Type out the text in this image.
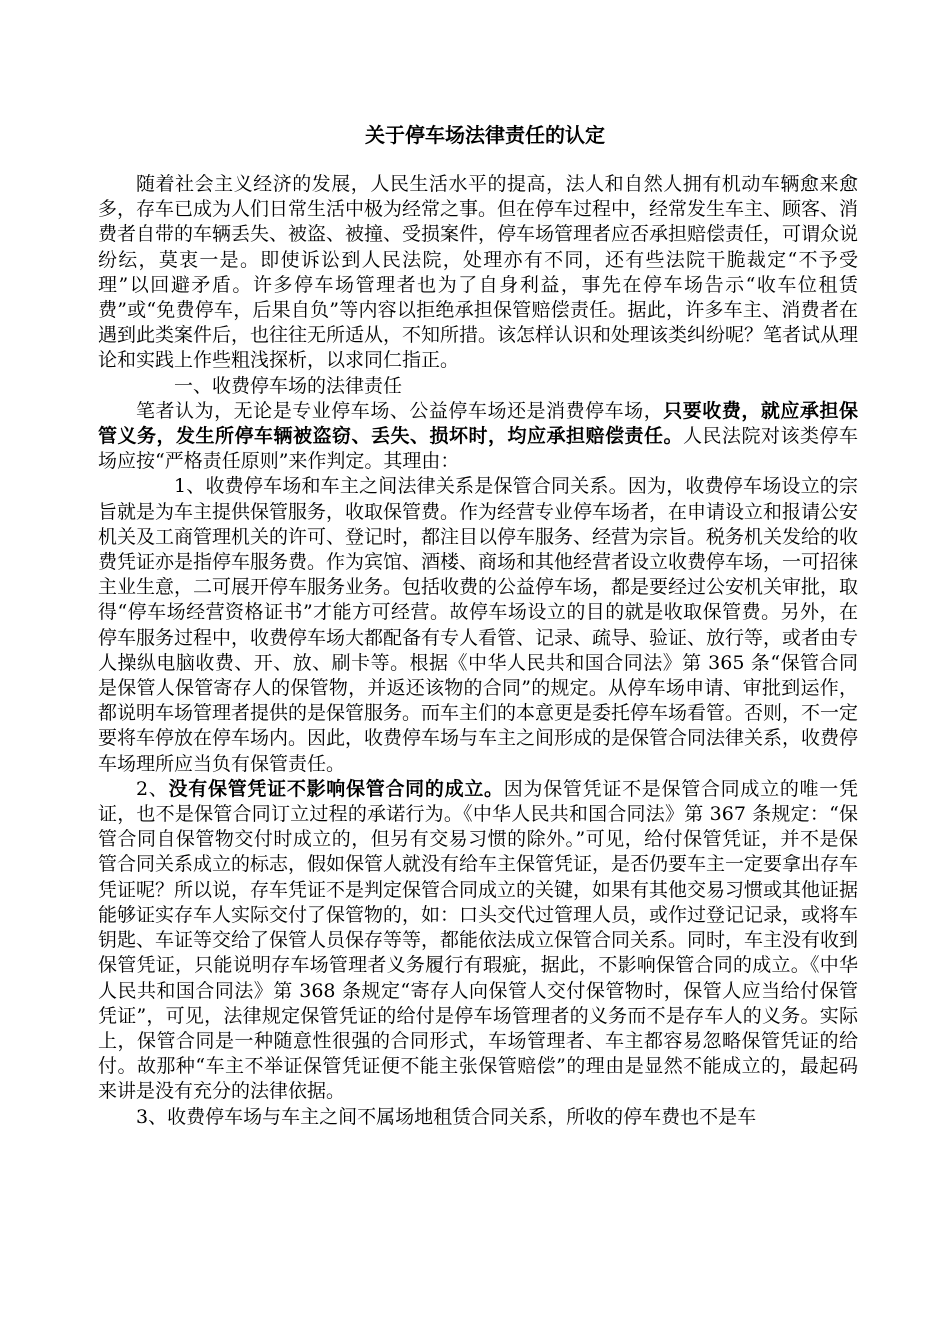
关于停车场法律责任的认定

随着社会主义经济的发展，人民生活水平的提高，法人和自然人拥有机动车辆愈来愈多，存车已成为人们日常生活中极为经常之事。但在停车过程中，经常发生车主、顾客、消费者自带的车辆丢失、被盗、被撞、受损案件，停车场管理者应否承担赔偿责任，可谓众说纷纭，莫衷一是。即使诉讼到人民法院，处理亦有不同，还有些法院干脆裁定“不予受理”以回避矛盾。许多停车场管理者也为了自身利益，事先在停车场告示“收车位租赁费”或“免费停车，后果自负”等内容以拒绝承担保管赔偿责任。据此，许多车主、消费者在遇到此类案件后，也往往无所适从，不知所措。该怎样认识和处理该类纠纷呢？笔者试从理论和实践上作些粗浅探析，以求同仁指正。

一、收费停车场的法律责任

笔者认为，无论是专业停车场、公益停车场还是消费停车场，只要收费，就应承担保管义务，发生所停车辆被盗窃、丢失、损坏时，均应承担赔偿责任。人民法院对该类停车场应按“严格责任原则”来作判定。其理由：

1、收费停车场和车主之间法律关系是保管合同关系。因为，收费停车场设立的宗旨就是为车主提供保管服务，收取保管费。作为经营专业停车场者，在申请设立和报请公安机关及工商管理机关的许可、登记时，都注目以停车服务、经营为宗旨。税务机关发给的收费凭证亦是指停车服务费。作为宾馆、酒楼、商场和其他经营者设立收费停车场，一可招徕主业生意，二可展开停车服务业务。包括收费的公益停车场，都是要经过公安机关审批，取得“停车场经营资格证书”才能方可经营。故停车场设立的目的就是收取保管费。另外，在停车服务过程中，收费停车场大都配备有专人看管、记录、疏导、验证、放行等，或者由专人操纵电脑收费、开、放、刷卡等。根据《中华人民共和国合同法》第 365 条“保管合同是保管人保管寄存人的保管物，并返还该物的合同”的规定。从停车场申请、审批到运作，都说明车场管理者提供的是保管服务。而车主们的本意更是委托停车场看管。否则，不一定要将车停放在停车场内。因此，收费停车场与车主之间形成的是保管合同法律关系，收费停车场理所应当负有保管责任。

2、没有保管凭证不影响保管合同的成立。因为保管凭证不是保管合同成立的唯一凭证，也不是保管合同订立过程的承诺行为。《中华人民共和国合同法》第 367 条规定：“保管合同自保管物交付时成立的，但另有交易习惯的除外。”可见，给付保管凭证，并不是保管合同关系成立的标志，假如保管人就没有给车主保管凭证，是否仍要车主一定要拿出存车凭证呢？所以说，存车凭证不是判定保管合同成立的关键，如果有其他交易习惯或其他证据能够证实存车人实际交付了保管物的，如：口头交代过管理人员，或作过登记记录，或将车钥匙、车证等交给了保管人员保存等等，都能依法成立保管合同关系。同时，车主没有收到保管凭证，只能说明存车场管理者义务履行有瑕疵，据此，不影响保管合同的成立。《中华人民共和国合同法》第 368 条规定“寄存人向保管人交付保管物时，保管人应当给付保管凭证”，可见，法律规定保管凭证的给付是停车场管理者的义务而不是存车人的义务。实际上，保管合同是一种随意性很强的合同形式，车场管理者、车主都容易忽略保管凭证的给付。故那种“车主不举证保管凭证便不能主张保管赔偿”的理由是显然不能成立的，最起码来讲是没有充分的法律依据。

3、收费停车场与车主之间不属场地租赁合同关系，所收的停车费也不是车
